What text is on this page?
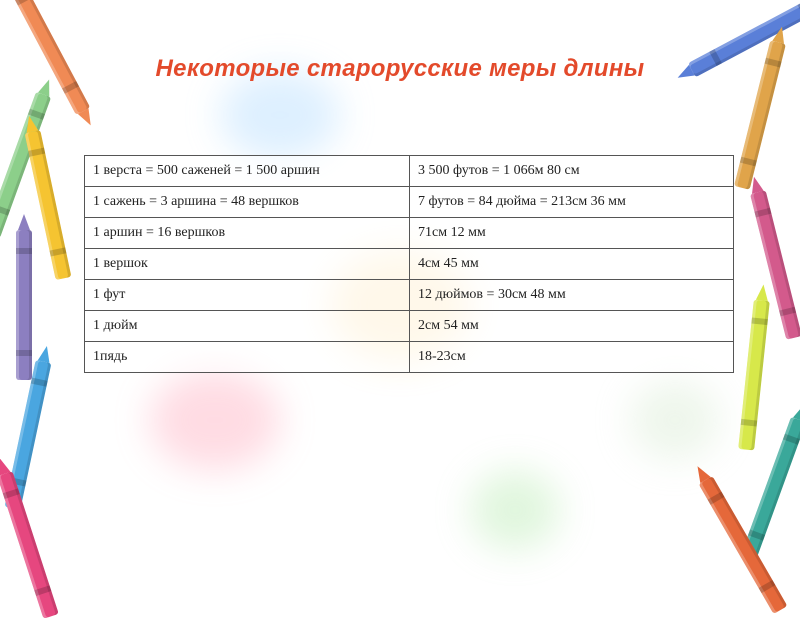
Некоторые старорусские меры длины
1 верста = 500 саженей = 1 500 аршин	3 500 футов = 1 066м 80 см
1 сажень = 3 аршина = 48 вершков	7 футов = 84 дюйма = 213см 36 мм
1 аршин = 16 вершков	71см 12 мм
1 вершок	4см 45 мм
1 фут	12 дюймов = 30см 48 мм
1 дюйм	2см 54 мм
1пядь	18-23см
